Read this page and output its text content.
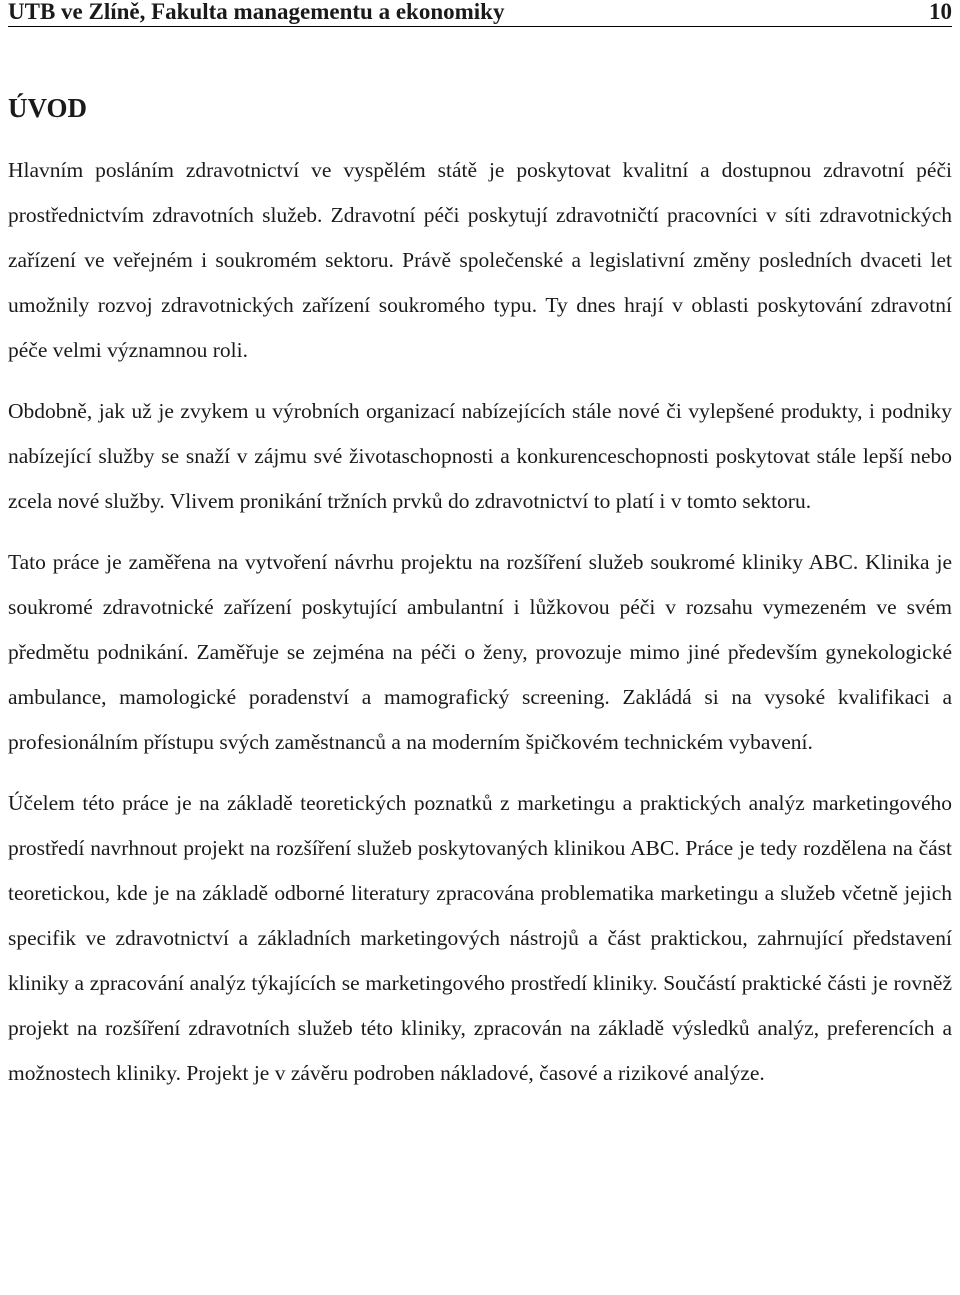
UTB ve Zlíně, Fakulta managementu a ekonomiky	10
ÚVOD

Hlavním posláním zdravotnictví ve vyspělém státě je poskytovat kvalitní a dostupnou zdravotní péči prostřednictvím zdravotních služeb. Zdravotní péči poskytují zdravotničtí pracovníci v síti zdravotnických zařízení ve veřejném i soukromém sektoru. Právě společenské a legislativní změny posledních dvaceti let umožnily rozvoj zdravotnických zařízení soukromého typu. Ty dnes hrají v oblasti poskytování zdravotní péče velmi významnou roli.

Obdobně, jak už je zvykem u výrobních organizací nabízejících stále nové či vylepšené produkty, i podniky nabízející služby se snaží v zájmu své životaschopnosti a konkurenceschopnosti poskytovat stále lepší nebo zcela nové služby. Vlivem pronikání tržních prvků do zdravotnictví to platí i v tomto sektoru.

Tato práce je zaměřena na vytvoření návrhu projektu na rozšíření služeb soukromé kliniky ABC. Klinika je soukromé zdravotnické zařízení poskytující ambulantní i lůžkovou péči v rozsahu vymezeném ve svém předmětu podnikání. Zaměřuje se zejména na péči o ženy, provozuje mimo jiné především gynekologické ambulance, mamologické poradenství a mamografický screening. Zakládá si na vysoké kvalifikaci a profesionálním přístupu svých zaměstnanců a na moderním špičkovém technickém vybavení.

Účelem této práce je na základě teoretických poznatků z marketingu a praktických analýz marketingového prostředí navrhnout projekt na rozšíření služeb poskytovaných klinikou ABC. Práce je tedy rozdělena na část teoretickou, kde je na základě odborné literatury zpracována problematika marketingu a služeb včetně jejich specifik ve zdravotnictví a základních marketingových nástrojů a část praktickou, zahrnující představení kliniky a zpracování analýz týkajících se marketingového prostředí kliniky. Součástí praktické části je rovněž projekt na rozšíření zdravotních služeb této kliniky, zpracován na základě výsledků analýz, preferencích a možnostech kliniky. Projekt je v závěru podroben nákladové, časové a rizikové analýze.
